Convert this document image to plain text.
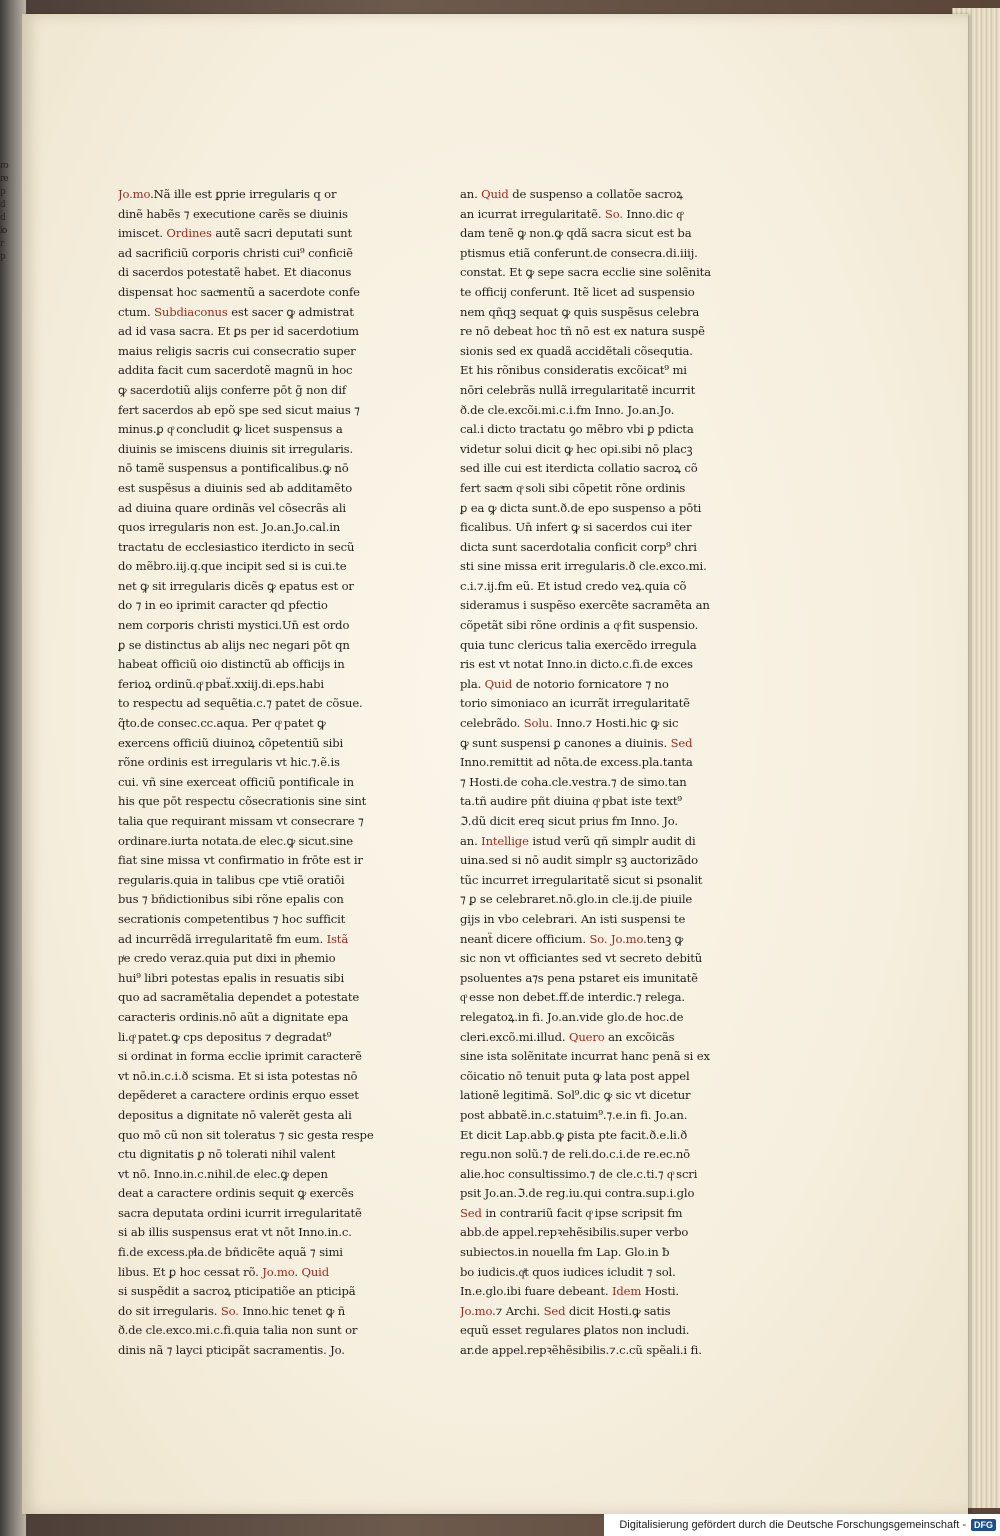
ro
re
p
d
d
io
r
p
Jo.mo.Nã ille est ꝑprie irregularis q or
dinẽ habẽs ⁊ executione carẽs se diuinis
imiscet. Ordines autẽ sacri deputati sunt
ad sacrificiũ corporis christi cui⁹ conficiẽ
di sacerdos potestatẽ habet. Et diaconus
dispensat hoc sacͣmentũ a sacerdote confe
ctum. Subdiaconus est sacer ꝙ admistrat
ad id vasa sacra. Et ꝑs per id sacerdotium
maius religis sacris cui consecratio super
addita facit cum sacerdotẽ magnũ in hoc
ꝙ sacerdotiũ alijs conferre pōt ḡ non dif
fert sacerdos ab epõ spe sed sicut maius ⁊
minus.ꝑ qͦ concludit ꝙ licet suspensus a
diuinis se imiscens diuinis sit irregularis.
nō tamẽ suspensus a pontificalibus.ꝙ nō
est suspẽsus a diuinis sed ab additamẽto
ad diuina quare ordinãs vel cõsecrãs ali
quos irregularis non est. Jo.an.Jo.cal.in
tractatu de ecclesiastico iterdicto in secũ
do mẽbro.iij.q.que incipit sed si is cui.te
net ꝙ sit irregularis dicẽs ꝙ epatus est or
do ⁊ in eo iprimit caracter qd pfectio
nem corporis christi mystici.Un̄ est ordo
ꝑ se distinctus ab alijs nec negari pōt qn
habeat officiũ oio distinctũ ab officijs in
ferioꝝ ordinũ.qͦ pbaẗ.xxiij.di.eps.habi
to respectu ad sequẽtia.c.⁊ patet de cõsue.
q̃to.de consec.cc.aqua. Per qͦ patet ꝙ
exercens officiũ diuinoꝝ cõpetentiũ sibi
rõne ordinis est irregularis vt hic.⁊.ẽ.is
cui. vñ sine exerceat officiũ pontificale in
his que pōt respectu cõsecrationis sine sint
talia que requirant missam vt consecrare ⁊
ordinare.iurta notata.de elec.ꝙ sicut.sine
fiat sine missa vt confirmatio in frōte est ir
regularis.quia in talibus cpe vtiẽ oratiōi
bus ⁊ bñdictionibus sibi rõne epalis con
secrationis competentibus ⁊ hoc sufficit
ad incurrẽdã irregularitatẽ fm eum. Istã
pͭe credo veraz.quia put dixi in pͥhemio
hui⁹ libri potestas epalis in resuatis sibi
quo ad sacramẽtalia dependet a potestate
caracteris ordinis.nō aũt a dignitate epa
li.qͦ patet.ꝙ cps depositus ⁊ degradat⁹
si ordinat in forma ecclie iprimit caracterẽ
vt nō.in.c.i.ð scisma. Et si ista potestas nō
depẽderet a caractere ordinis erquo esset
depositus a dignitate nō valerẽt gesta ali
quo mō cũ non sit toleratus ⁊ sic gesta respe
ctu dignitatis ꝑ nō tolerati nihil valent
vt nō. Inno.in.c.nihil.de elec.ꝙ depen
deat a caractere ordinis sequit ꝙ exercẽs
sacra deputata ordini icurrit irregularitatẽ
si ab illis suspensus erat vt nōt Inno.in.c.
fi.de excess.pͣla.de bñdicẽte aquã ⁊ simi
libus. Et ꝑ hoc cessat rõ. Jo.mo. Quid
si suspẽdit a sacroꝝ pticipatiõe an pticipã
do sit irregularis. So. Inno.hic tenet ꝙ ñ
ð.de cle.exco.mi.c.fi.quia talia non sunt or
dinis nã ⁊ layci pticipãt sacramentis. Jo.
an. Quid de suspenso a collatõe sacroꝝ
an icurrat irregularitatẽ. So. Inno.dic qͦ
dam tenẽ ꝙ non.ꝙ qdã sacra sicut est ba
ptismus etiã conferunt.de consecra.di.iiij.
constat. Et ꝙ sepe sacra ecclie sine solẽnita
te officij conferunt. Itẽ licet ad suspensio
nem qñqꝫ sequat ꝙ quis suspẽsus celebra
re nō debeat hoc tñ nō est ex natura suspẽ
sionis sed ex quadã accidẽtali cõsequtia.
Et his rõnibus consideratis excõicat⁹ mi
nōri celebrãs nullã irregularitatẽ incurrit
ð.de cle.excõi.mi.c.i.fm Inno. Jo.an.Jo.
cal.i dicto tractatu ꝯo mẽbro vbi ꝑ pdicta
videtur solui dicit ꝙ hec opi.sibi nō placꝫ
sed ille cui est iterdicta collatio sacroꝝ cõ
fert sacͣm qͦ soli sibi cõpetit rõne ordinis
ꝑ ea ꝙ dicta sunt.ð.de epo suspenso a pōti
ficalibus. Un̄ infert ꝙ si sacerdos cui iter
dicta sunt sacerdotalia conficit corp⁹ chri
sti sine missa erit irregularis.ð cle.exco.mi.
c.i.⁊.ij.fm eũ. Et istud credo veꝝ.quia cõ
sideramus i suspẽso exercẽte sacramẽta an
cõpetãt sibi rõne ordinis a qͦ fit suspensio.
quia tunc clericus talia exercẽdo irregula
ris est vt notat Inno.in dicto.c.fi.de exces
pla. Quid de notorio fornicatore ⁊ no
torio simoniaco an icurrãt irregularitatẽ
celebrãdo. Solu. Inno.⁊ Hosti.hic ꝙ sic
ꝙ sunt suspensi ꝑ canones a diuinis. Sed
Inno.remittit ad nōta.de excess.pla.tanta
⁊ Hosti.de coha.cle.vestra.⁊ de simo.tan
ta.tñ audire pñt diuina qͦ pbat iste text⁹
ℑ.dũ dicit ereq sicut prius fm Inno. Jo.
an. Intellige istud verũ qñ simplr audit di
uina.sed si nō audit simplr sꝫ auctorizãdo
tũc incurret irregularitatẽ sicut si psonalit
⁊ ꝑ se celebraret.nō.glo.in cle.ij.de piuile
gijs in vbo celebrari. An isti suspensi te
neanẗ dicere officium. So. Jo.mo.tenꝫ ꝙ
sic non vt officiantes sed vt secreto debitũ
psoluentes a⁊s pena pstaret eis imunitatẽ
qͦ esse non debet.ff.de interdic.⁊ relega.
relegatoꝝ.in fi. Jo.an.vide glo.de hoc.de
cleri.excõ.mi.illud. Quero an excõicãs
sine ista solẽnitate incurrat hanc penã si ex
cõicatio nō tenuit puta ꝙ lata post appel
lationẽ legitimã. Sol⁹.dic ꝙ sic vt dicetur
post abbatẽ.in.c.statuim⁹.⁊.e.in fi. Jo.an.
Et dicit Lap.abb.ꝙ ꝑista pte facit.ð.e.li.ð
regu.non solũ.⁊ de reli.do.c.i.de re.ec.nō
alie.hoc consultissimo.⁊ de cle.c.ti.⁊ qͦ scri
psit Jo.an.ℑ.de reg.iu.qui contra.sup.i.glo
Sed in contrariũ facit qͦ ipse scripsit fm
abb.de appel.repꝛehẽsibilis.super verbo
subiectos.in nouella fm Lap. Glo.in ƀ
bo iudicis.qͥt quos iudices icludit ⁊ sol.
In.e.glo.ibi fuare debeant. Idem Hosti.
Jo.mo.⁊ Archi. Sed dicit Hosti.ꝙ satis
equũ esset regulares ꝑlatos non includi.
ar.de appel.repꝛẽhẽsibilis.⁊.c.cũ spẽali.i fi.
Digitalisierung gefördert durch die Deutsche Forschungsgemeinschaft - DFG
